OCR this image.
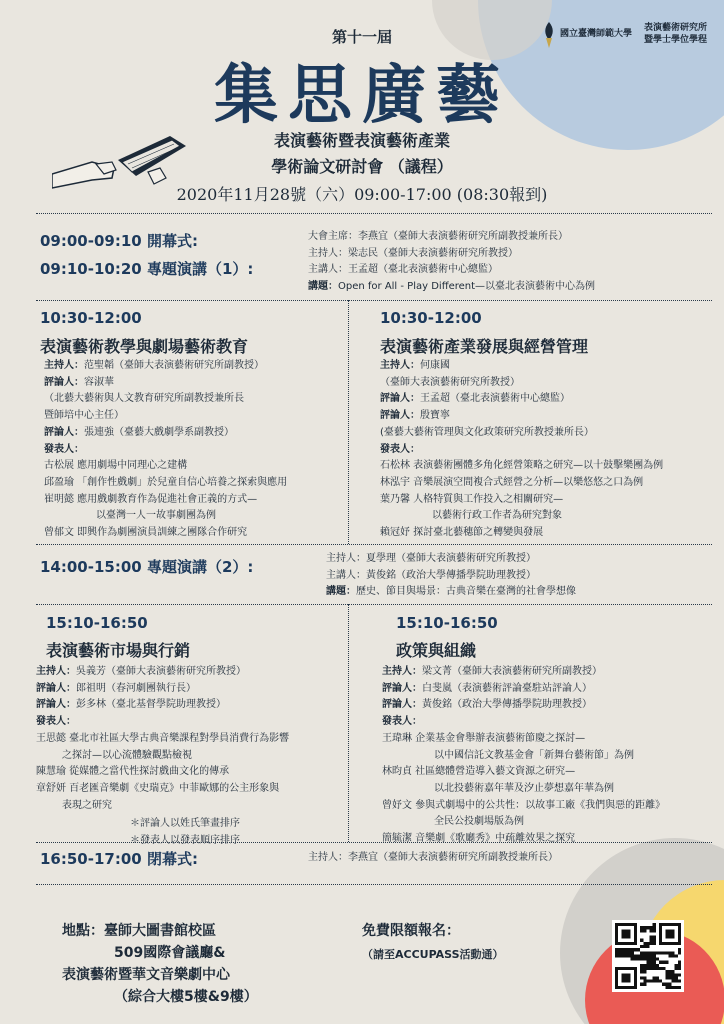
第十一屆
集思廣藝
表演藝術暨表演藝術產業
學術論文研討會 （議程）
2020年11月28號（六）09:00-17:00 (08:30報到)
國立臺灣師範大學
表演藝術研究所
暨學士學位學程
09:00-09:10 開幕式:
09:10-10:20 專題演講（1）:
大會主席：李燕宜（臺師大表演藝術研究所副教授兼所長）
主持人：梁志民（臺師大表演藝術研究所教授）
主講人：王孟超（臺北表演藝術中心總監）
講題：Open for All - Play Different—以臺北表演藝術中心為例
10:30-12:00
表演藝術教學與劇場藝術教育
主持人：范聖韜（臺師大表演藝術研究所副教授）
評論人：容淑華
（北藝大藝術與人文教育研究所副教授兼所長
暨師培中心主任）
評論人：張連強（臺藝大戲劇學系副教授）
發表人：
古松展 應用劇場中同理心之建構
邱盈瑜 「創作性戲劇」於兒童自信心培養之探索與應用
崔明懿 應用戲劇教育作為促進社會正義的方式—
以臺灣一人一故事劇團為例
曾郁文 即興作為劇團演員訓練之團隊合作研究
10:30-12:00
表演藝術產業發展與經營管理
主持人：何康國
（臺師大表演藝術研究所教授）
評論人：王孟超（臺北表演藝術中心總監）
評論人：殷寶寧
(臺藝大藝術管理與文化政策研究所教授兼所長）
發表人：
石松林 表演藝術團體多角化經營策略之研究—以十鼓擊樂團為例
林泓宇 音樂展演空間複合式經營之分析—以樂悠悠之口為例
葉乃馨 人格特質與工作投入之相關研究—
以藝術行政工作者為研究對象
賴冠妤 探討臺北藝穗節之轉變與發展
14:00-15:00 專題演講（2）:	主持人：夏學理（臺師大表演藝術研究所教授）
主講人：黃俊銘（政治大學傳播學院助理教授）
講題：歷史、節目與場景：古典音樂在臺灣的社會學想像
15:10-16:50
表演藝術市場與行銷
主持人：吳義芳（臺師大表演藝術研究所教授）
評論人：郎祖明（春河劇團執行長）
評論人：彭多林（臺北基督學院助理教授）
發表人：
王思懿 臺北市社區大學古典音樂課程對學員消費行為影響
之探討—以心流體驗觀點檢視
陳慧瑜 從媒體之當代性探討戲曲文化的傳承
章舒妍 百老匯音樂劇《史瑞克》中菲歐娜的公主形象與
表現之研究
＊評論人以姓氏筆畫排序
＊發表人以發表順序排序
15:10-16:50
政策與組織
主持人：梁文菁（臺師大表演藝術研究所副教授）
評論人：白斐嵐（表演藝術評論臺駐站評論人）
評論人：黃俊銘（政治大學傳播學院助理教授）
發表人：
王瑋琳 企業基金會舉辦表演藝術節慶之探討—
以中國信託文教基金會「新舞台藝術節」為例
林昀貞 社區總體營造導入藝文資源之研究—
以北投藝術嘉年華及汐止夢想嘉年華為例
曾妤文 參與式劇場中的公共性：以故事工廠《我們與惡的距離》
全民公投劇場版為例
簡毓潔 音樂劇《歌廳秀》中疏離效果之探究
16:50-17:00 閉幕式:	主持人：李燕宜（臺師大表演藝術研究所副教授兼所長）
地點：臺師大圖書館校區
509國際會議廳&
表演藝術暨華文音樂劇中心
（綜合大樓5樓&9樓）
免費限額報名：
（請至ACCUPASS活動通）
